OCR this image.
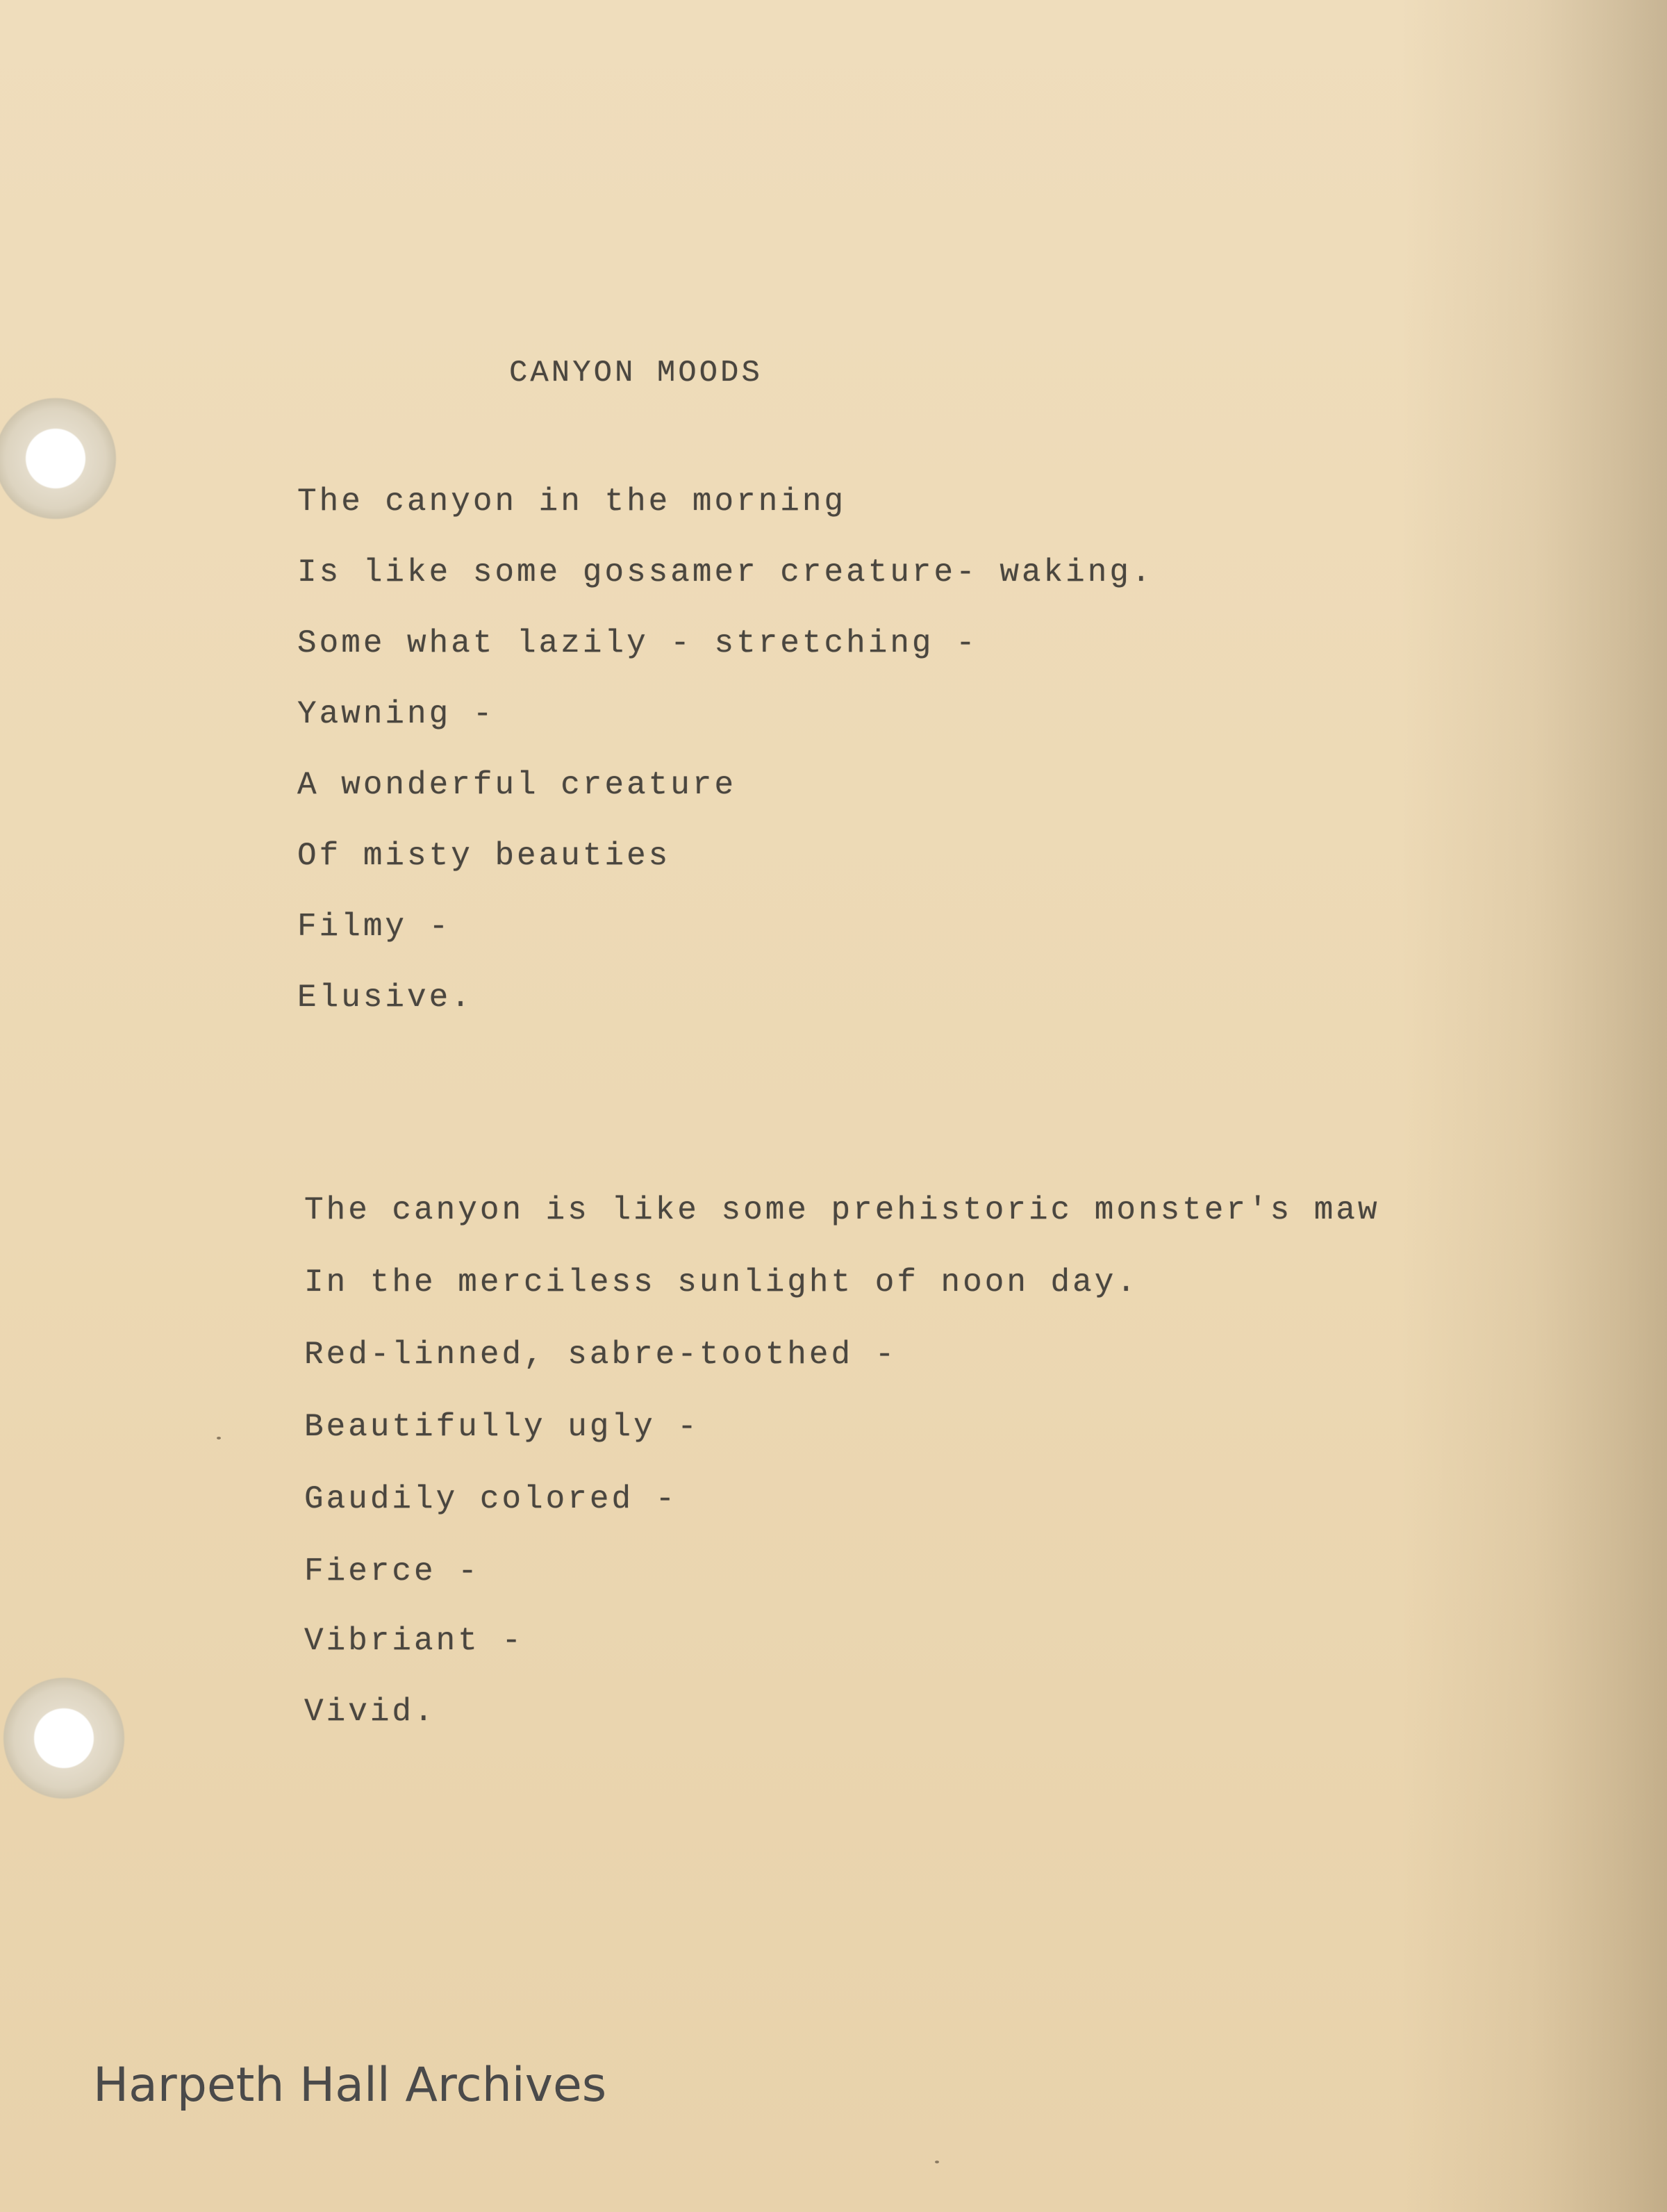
CANYON MOODS
The canyon in the morning
Is like some gossamer creature- waking.
Some what lazily - stretching -
Yawning -
A wonderful creature
Of misty beauties
Filmy -
Elusive.
The canyon is like some prehistoric monster's maw
In the merciless sunlight of noon day.
Red-linned, sabre-toothed -
Beautifully ugly -
Gaudily colored -
Fierce -
Vibriant -
Vivid.
Harpeth Hall Archives
